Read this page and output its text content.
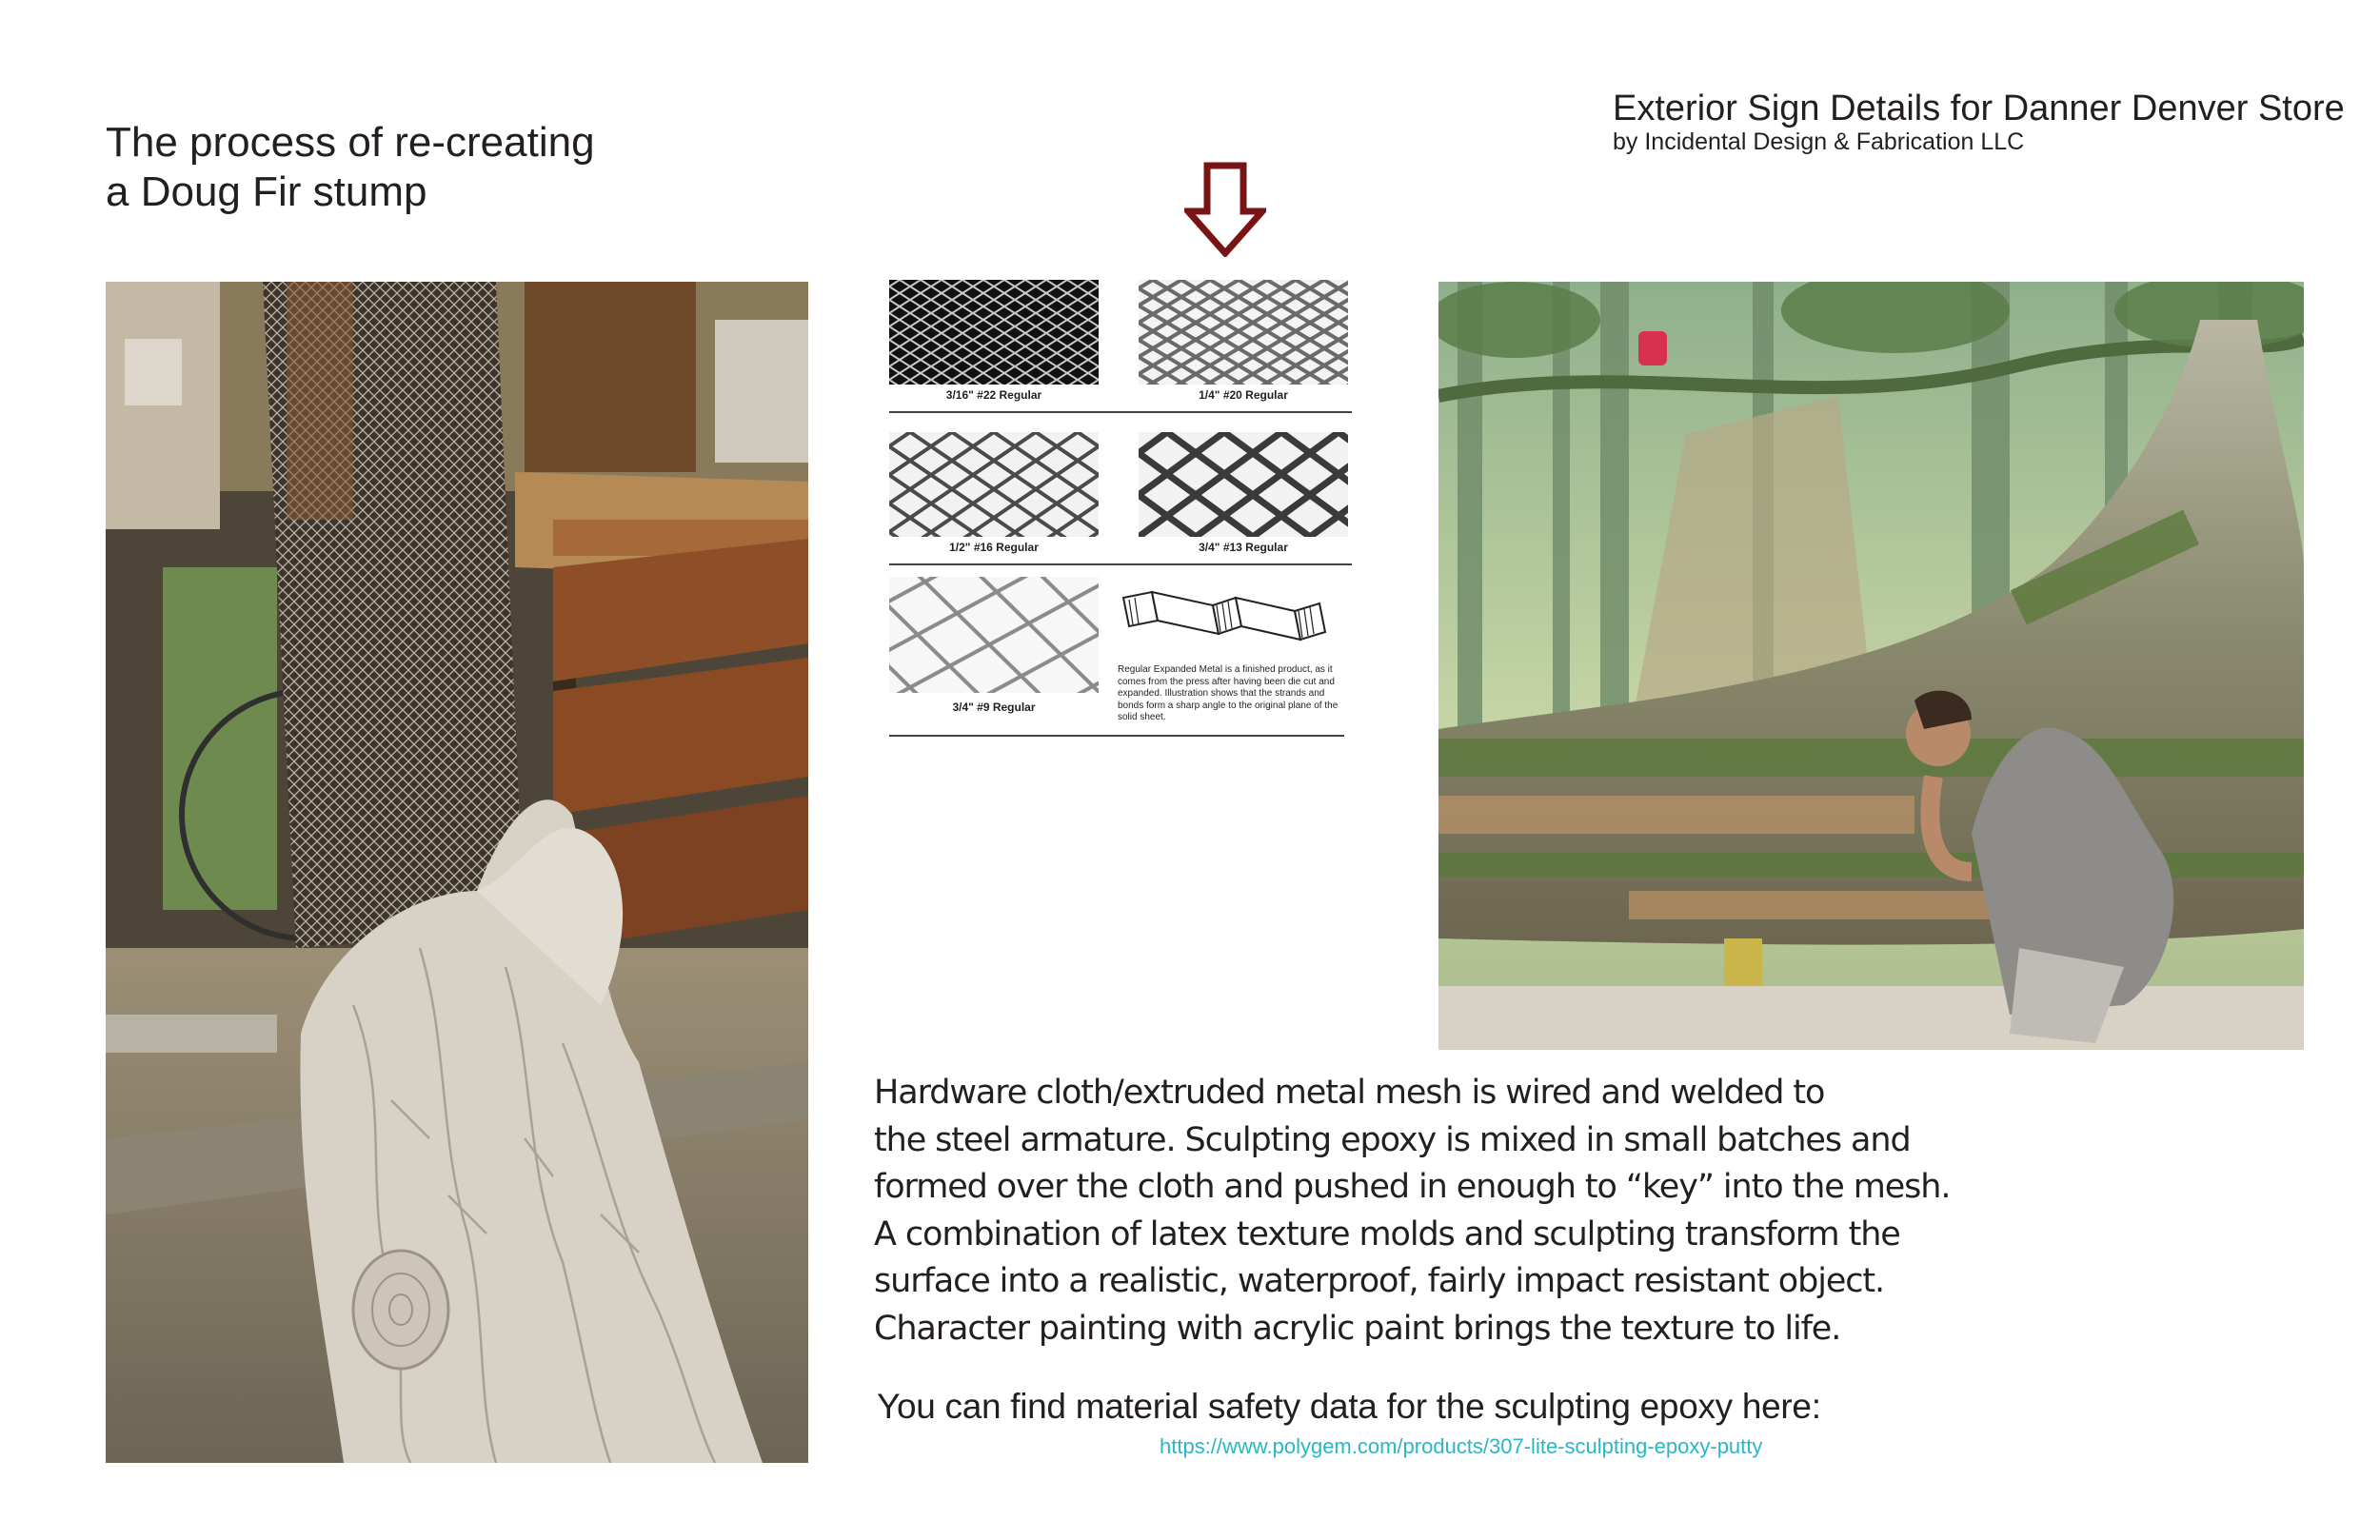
The process of re-creating
a Doug Fir stump
Exterior Sign Details for Danner Denver Store
by Incidental Design & Fabrication LLC
3/16" #22 Regular	1/4" #20 Regular
1/2" #16 Regular	3/4" #13 Regular
3/4" #9 Regular
Regular Expanded Metal is a finished product, as it comes from the press after having been die cut and expanded. Illustration shows that the strands and bonds form a sharp angle to the original plane of the solid sheet.
Hardware cloth/extruded metal mesh is wired and welded to
the steel armature. Sculpting epoxy is mixed in small batches and
formed over the cloth and pushed in enough to “key” into the mesh.
A combination of latex texture molds and sculpting transform the
surface into a realistic, waterproof, fairly impact resistant object.
Character painting with acrylic paint brings the texture to life.
You can find material safety data for the sculpting epoxy here:
https://www.polygem.com/products/307-lite-sculpting-epoxy-putty
